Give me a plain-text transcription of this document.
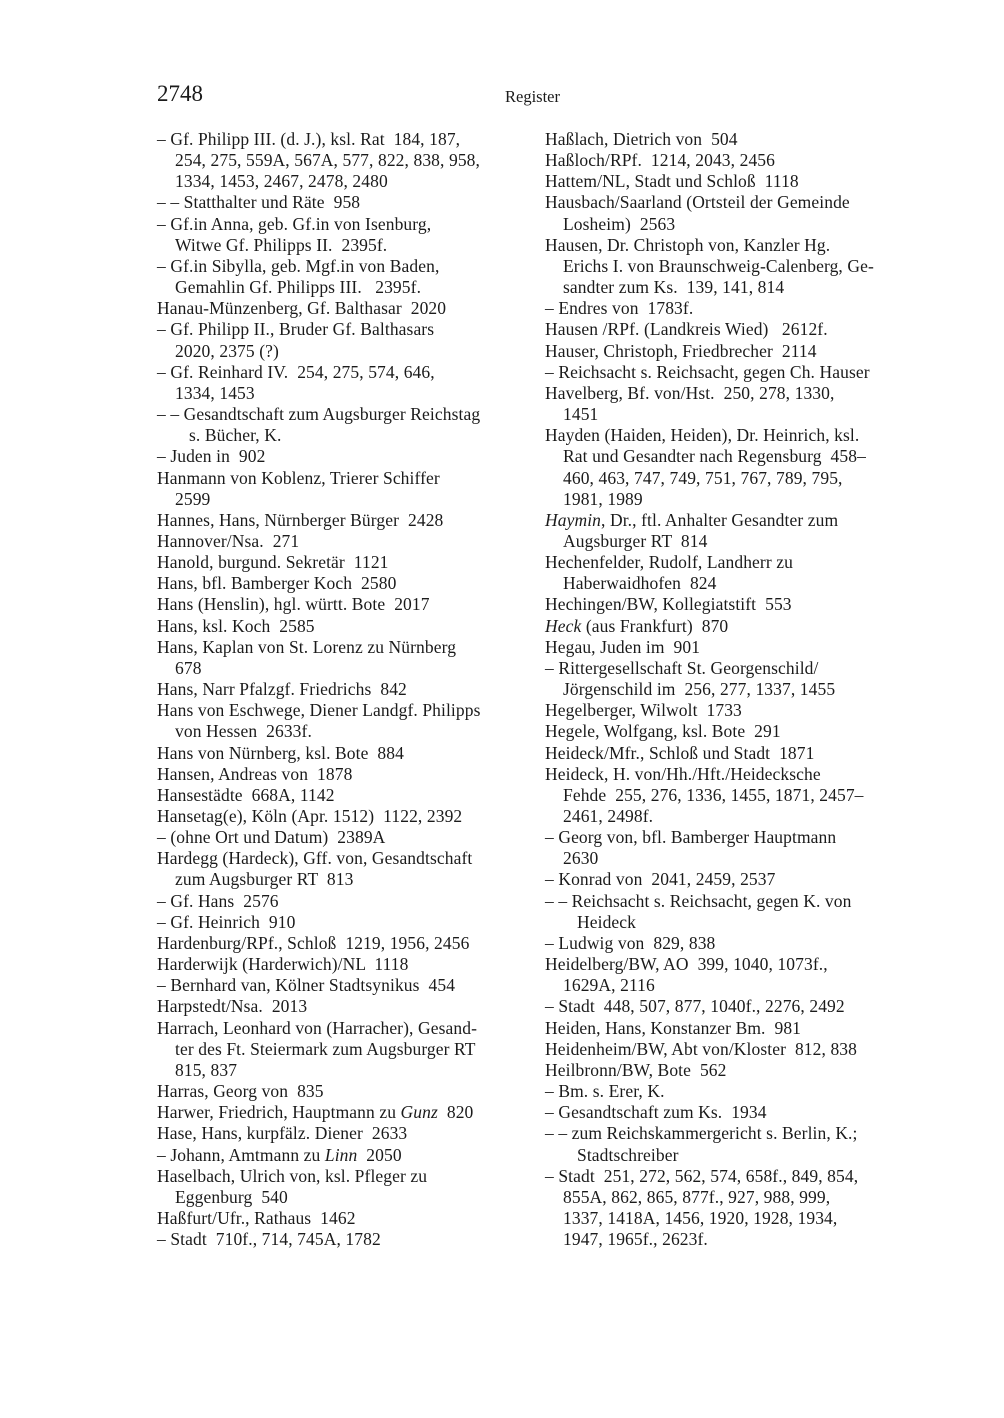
2748	Register
– Gf. Philipp III. (d. J.), ksl. Rat  184, 187,
254, 275, 559A, 567A, 577, 822, 838, 958,
1334, 1453, 2467, 2478, 2480
– – Statthalter und Räte  958
– Gf.in Anna, geb. Gf.in von Isenburg,
Witwe Gf. Philipps II.  2395f.
– Gf.in Sibylla, geb. Mgf.in von Baden,
Gemahlin Gf. Philipps III.   2395f.
Hanau-Münzenberg, Gf. Balthasar  2020
– Gf. Philipp II., Bruder Gf. Balthasars
2020, 2375 (?)
– Gf. Reinhard IV.  254, 275, 574, 646,
1334, 1453
– – Gesandtschaft zum Augsburger Reichstag
s. Bücher, K.
– Juden in  902
Hanmann von Koblenz, Trierer Schiffer
2599
Hannes, Hans, Nürnberger Bürger  2428
Hannover/Nsa.  271
Hanold, burgund. Sekretär  1121
Hans, bfl. Bamberger Koch  2580
Hans (Henslin), hgl. württ. Bote  2017
Hans, ksl. Koch  2585
Hans, Kaplan von St. Lorenz zu Nürnberg
678
Hans, Narr Pfalzgf. Friedrichs  842
Hans von Eschwege, Diener Landgf. Philipps
von Hessen  2633f.
Hans von Nürnberg, ksl. Bote  884
Hansen, Andreas von  1878
Hansestädte  668A, 1142
Hansetag(e), Köln (Apr. 1512)  1122, 2392
– (ohne Ort und Datum)  2389A
Hardegg (Hardeck), Gff. von, Gesandtschaft
zum Augsburger RT  813
– Gf. Hans  2576
– Gf. Heinrich  910
Hardenburg/RPf., Schloß  1219, 1956, 2456
Harderwijk (Harderwich)/NL  1118
– Bernhard van, Kölner Stadtsynikus  454
Harpstedt/Nsa.  2013
Harrach, Leonhard von (Harracher), Gesand-
ter des Ft. Steiermark zum Augsburger RT
815, 837
Harras, Georg von  835
Harwer, Friedrich, Hauptmann zu Gunz  820
Hase, Hans, kurpfälz. Diener  2633
– Johann, Amtmann zu Linn  2050
Haselbach, Ulrich von, ksl. Pfleger zu
Eggenburg  540
Haßfurt/Ufr., Rathaus  1462
– Stadt  710f., 714, 745A, 1782
Haßlach, Dietrich von  504
Haßloch/RPf.  1214, 2043, 2456
Hattem/NL, Stadt und Schloß  1118
Hausbach/Saarland (Ortsteil der Gemeinde
Losheim)  2563
Hausen, Dr. Christoph von, Kanzler Hg.
Erichs I. von Braunschweig-Calenberg, Ge-
sandter zum Ks.  139, 141, 814
– Endres von  1783f.
Hausen /RPf. (Landkreis Wied)   2612f.
Hauser, Christoph, Friedbrecher  2114
– Reichsacht s. Reichsacht, gegen Ch. Hauser
Havelberg, Bf. von/Hst.  250, 278, 1330,
1451
Hayden (Haiden, Heiden), Dr. Heinrich, ksl.
Rat und Gesandter nach Regensburg  458–
460, 463, 747, 749, 751, 767, 789, 795,
1981, 1989
Haymin, Dr., ftl. Anhalter Gesandter zum
Augsburger RT  814
Hechenfelder, Rudolf, Landherr zu
Haberwaidhofen  824
Hechingen/BW, Kollegiatstift  553
Heck (aus Frankfurt)  870
Hegau, Juden im  901
– Rittergesellschaft St. Georgenschild/
Jörgenschild im  256, 277, 1337, 1455
Hegelberger, Wilwolt  1733
Hegele, Wolfgang, ksl. Bote  291
Heideck/Mfr., Schloß und Stadt  1871
Heideck, H. von/Hh./Hft./Heidecksche
Fehde  255, 276, 1336, 1455, 1871, 2457–
2461, 2498f.
– Georg von, bfl. Bamberger Hauptmann
2630
– Konrad von  2041, 2459, 2537
– – Reichsacht s. Reichsacht, gegen K. von
Heideck
– Ludwig von  829, 838
Heidelberg/BW, AO  399, 1040, 1073f.,
1629A, 2116
– Stadt  448, 507, 877, 1040f., 2276, 2492
Heiden, Hans, Konstanzer Bm.  981
Heidenheim/BW, Abt von/Kloster  812, 838
Heilbronn/BW, Bote  562
– Bm. s. Erer, K.
– Gesandtschaft zum Ks.  1934
– – zum Reichskammergericht s. Berlin, K.;
Stadtschreiber
– Stadt  251, 272, 562, 574, 658f., 849, 854,
855A, 862, 865, 877f., 927, 988, 999,
1337, 1418A, 1456, 1920, 1928, 1934,
1947, 1965f., 2623f.
